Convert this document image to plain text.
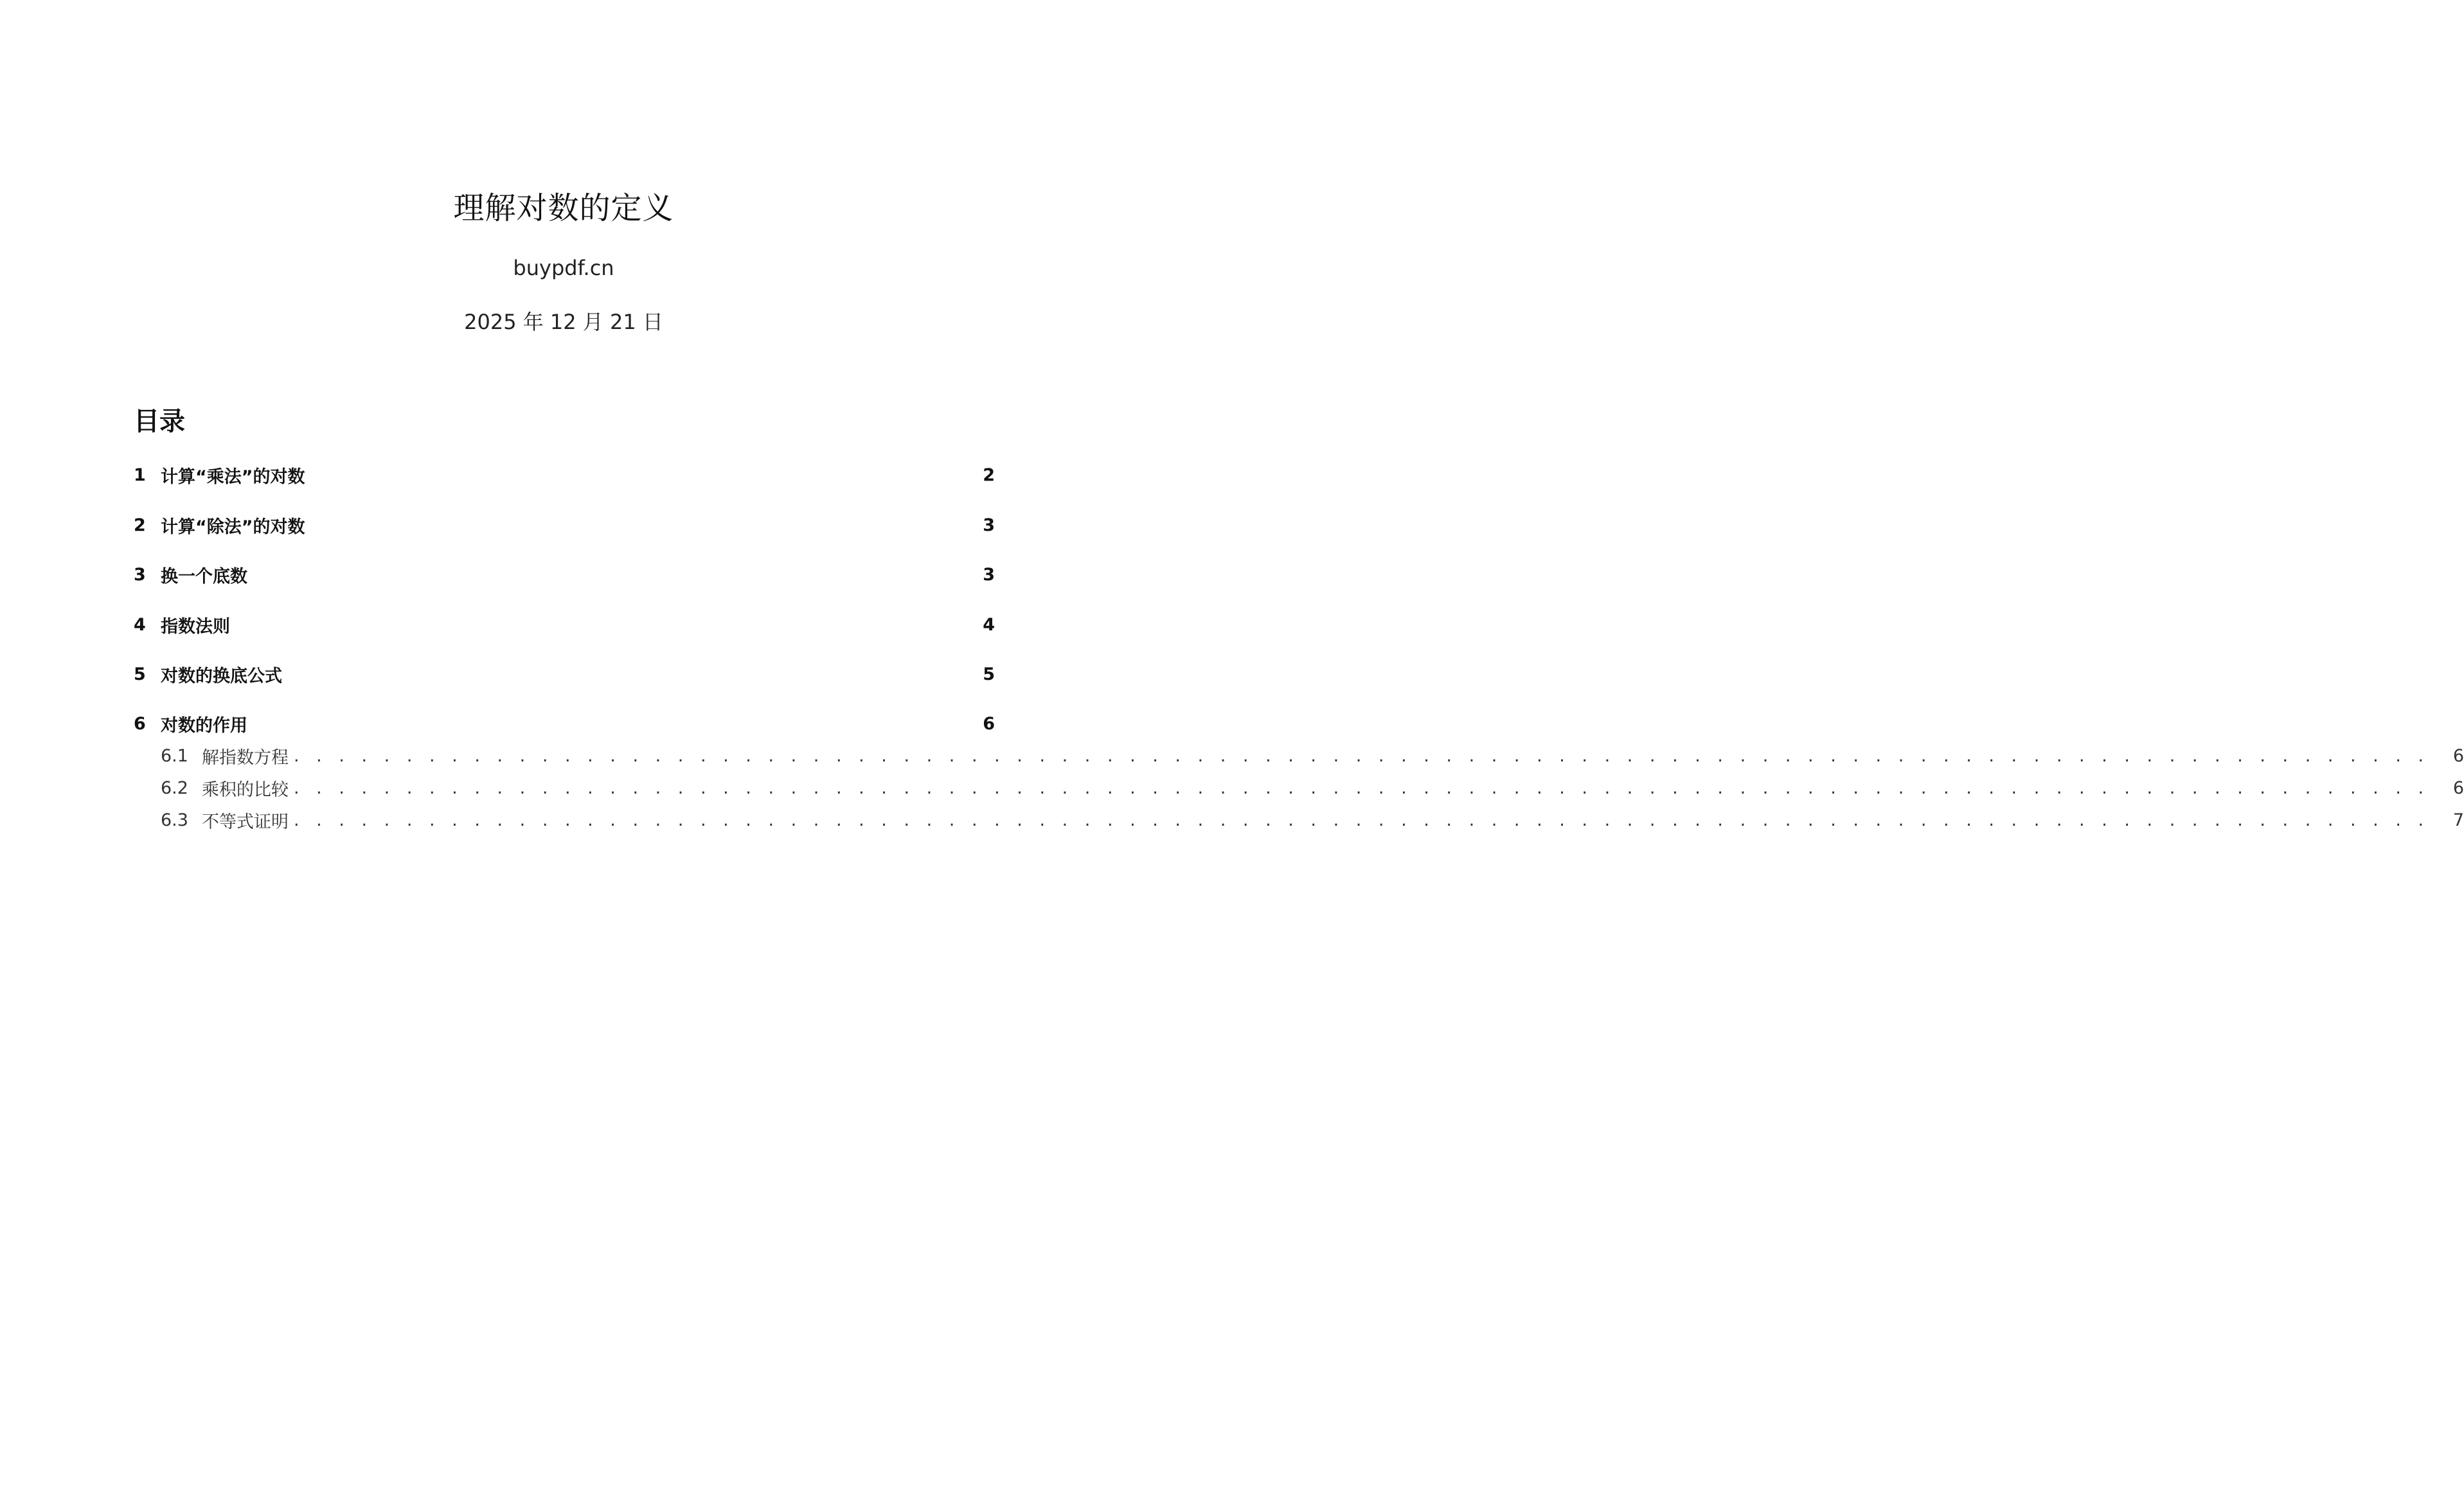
理解对数的定义
buypdf.cn
2025 年 12 月 21 日
目录
1 计算“乘法”的对数	2
2 计算“除法”的对数	3
3 换一个底数	3
4 指数法则	4
5 对数的换底公式	5
6 对数的作用	6
6.1 解指数方程 . . . . . . . . . . . . . . . . . . . . . . . . . . . . . . . . . . . . . . . . . . . . . . . . . . . . . . . . . . . . . . . . . . . . . . . . . . . . . . . . . . . . . . . . . . . . . . .	6
6.2 乘积的比较 . . . . . . . . . . . . . . . . . . . . . . . . . . . . . . . . . . . . . . . . . . . . . . . . . . . . . . . . . . . . . . . . . . . . . . . . . . . . . . . . . . . . . . . . . . . . . . .	6
6.3 不等式证明 . . . . . . . . . . . . . . . . . . . . . . . . . . . . . . . . . . . . . . . . . . . . . . . . . . . . . . . . . . . . . . . . . . . . . . . . . . . . . . . . . . . . . . . . . . . . . . .	7
